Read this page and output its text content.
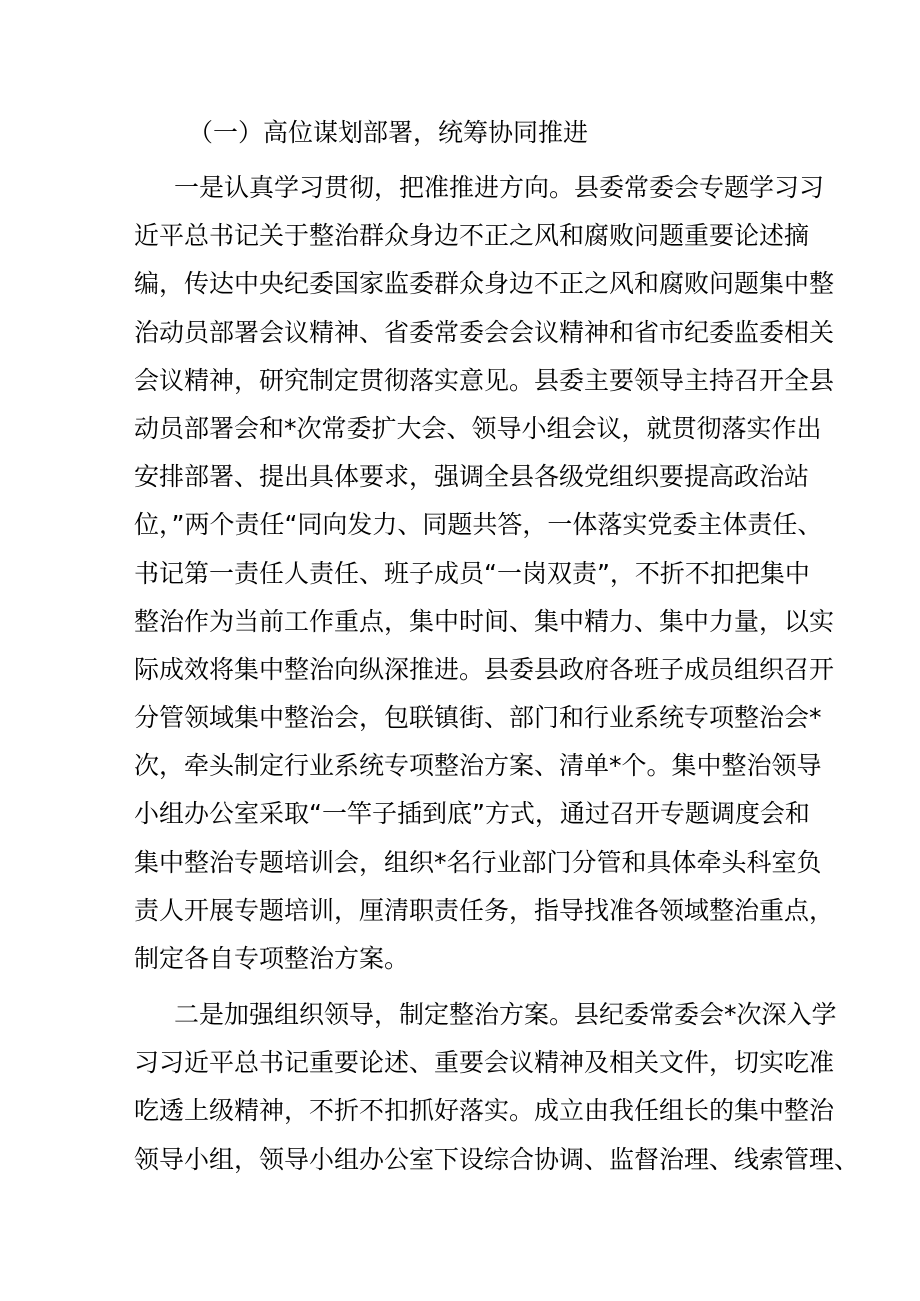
（一）高位谋划部署，统筹协同推进
一是认真学习贯彻，把准推进方向。县委常委会专题学习习
近平总书记关于整治群众身边不正之风和腐败问题重要论述摘
编，传达中央纪委国家监委群众身边不正之风和腐败问题集中整
治动员部署会议精神、省委常委会会议精神和省市纪委监委相关
会议精神，研究制定贯彻落实意见。县委主要领导主持召开全县
动员部署会和*次常委扩大会、领导小组会议，就贯彻落实作出
安排部署、提出具体要求，强调全县各级党组织要提高政治站
位，”两个责任“同向发力、同题共答，一体落实党委主体责任、
书记第一责任人责任、班子成员“一岗双责”，不折不扣把集中
整治作为当前工作重点，集中时间、集中精力、集中力量，以实
际成效将集中整治向纵深推进。县委县政府各班子成员组织召开
分管领域集中整治会，包联镇街、部门和行业系统专项整治会*
次，牵头制定行业系统专项整治方案、清单*个。集中整治领导
小组办公室采取“一竿子插到底”方式，通过召开专题调度会和
集中整治专题培训会，组织*名行业部门分管和具体牵头科室负
责人开展专题培训，厘清职责任务，指导找准各领域整治重点，
制定各自专项整治方案。
二是加强组织领导，制定整治方案。县纪委常委会*次深入学
习习近平总书记重要论述、重要会议精神及相关文件，切实吃准
吃透上级精神，不折不扣抓好落实。成立由我任组长的集中整治
领导小组，领导小组办公室下设综合协调、监督治理、线索管理、
